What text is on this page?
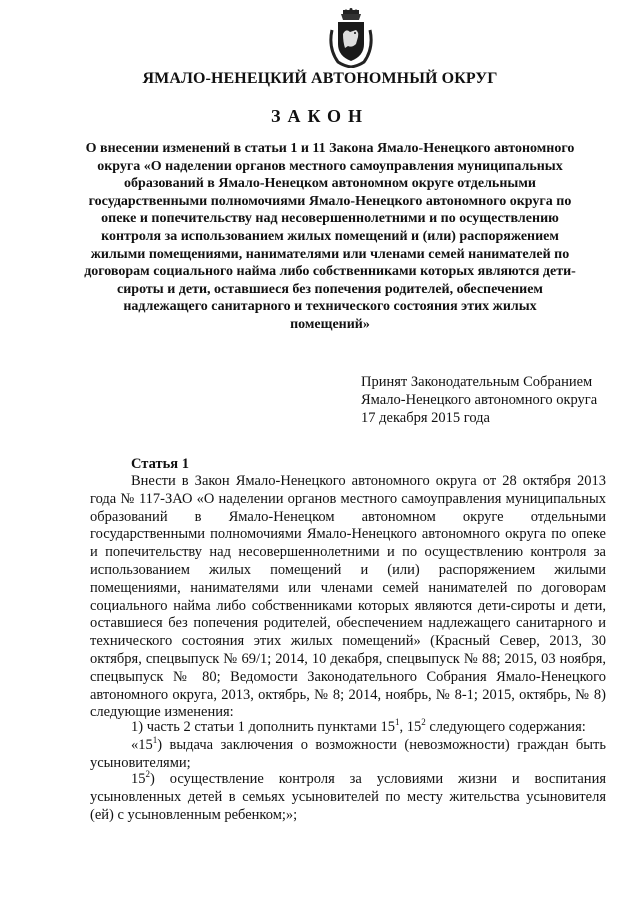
ЯМАЛО-НЕНЕЦКИЙ АВТОНОМНЫЙ ОКРУГ
ЗАКОН
О внесении изменений в статьи 1 и 11 Закона Ямало-Ненецкого автономного округа «О наделении органов местного самоуправления муниципальных образований в Ямало-Ненецком автономном округе отдельными государственными полномочиями Ямало-Ненецкого автономного округа по опеке и попечительству над несовершеннолетними и по осуществлению контроля за использованием жилых помещений и (или) распоряжением жилыми помещениями, нанимателями или членами семей нанимателей по договорам социального найма либо собственниками которых являются дети-сироты и дети, оставшиеся без попечения родителей, обеспечением надлежащего санитарного и технического состояния этих жилых помещений»
Принят Законодательным Собранием
Ямало-Ненецкого автономного округа
17 декабря 2015 года
Статья 1

Внести в Закон Ямало-Ненецкого автономного округа от 28 октября 2013 года № 117-ЗАО «О наделении органов местного самоуправления муниципальных образований в Ямало-Ненецком автономном округе отдельными государственными полномочиями Ямало-Ненецкого автономного округа по опеке и попечительству над несовершеннолетними и по осуществлению контроля за использованием жилых помещений и (или) распоряжением жилыми помещениями, нанимателями или членами семей нанимателей по договорам социального найма либо собственниками которых являются дети-сироты и дети, оставшиеся без попечения родителей, обеспечением надлежащего санитарного и технического состояния этих жилых помещений» (Красный Север, 2013, 30 октября, спецвыпуск № 69/1; 2014, 10 декабря, спецвыпуск № 88; 2015, 03 ноября, спецвыпуск № 80; Ведомости Законодательного Собрания Ямало-Ненецкого автономного округа, 2013, октябрь, № 8; 2014, ноябрь, № 8-1; 2015, октябрь, № 8) следующие изменения:

1) часть 2 статьи 1 дополнить пунктами $15^1$, $15^2$ следующего содержания:

«$15^1$) выдача заключения о возможности (невозможности) граждан быть усыновителями;

$15^2$) осуществление контроля за условиями жизни и воспитания усыновленных детей в семьях усыновителей по месту жительства усыновителя (ей) с усыновленным ребенком;»;
